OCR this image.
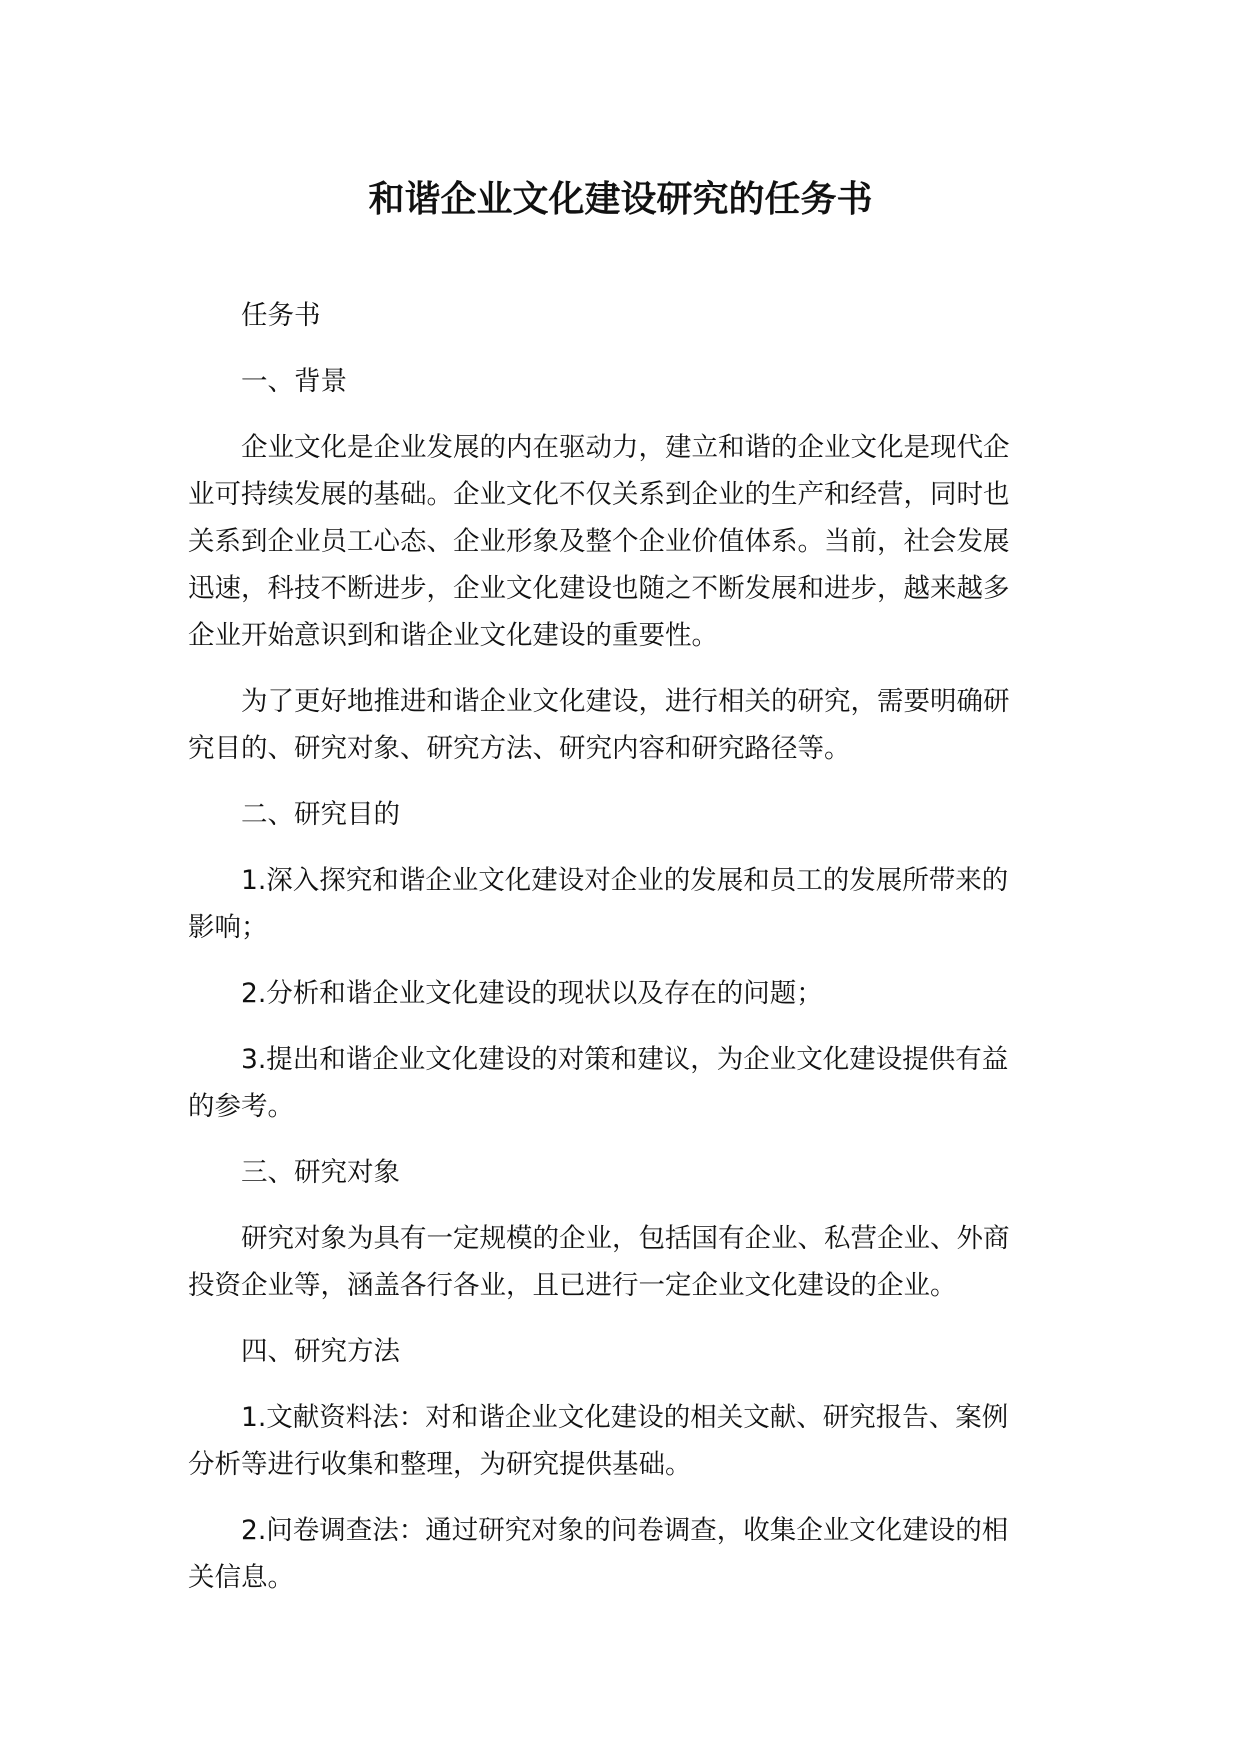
和谐企业文化建设研究的任务书

任务书

一、背景

企业文化是企业发展的内在驱动力，建立和谐的企业文化是现代企业可持续发展的基础。企业文化不仅关系到企业的生产和经营，同时也关系到企业员工心态、企业形象及整个企业价值体系。当前，社会发展迅速，科技不断进步，企业文化建设也随之不断发展和进步，越来越多企业开始意识到和谐企业文化建设的重要性。

为了更好地推进和谐企业文化建设，进行相关的研究，需要明确研究目的、研究对象、研究方法、研究内容和研究路径等。

二、研究目的

1.深入探究和谐企业文化建设对企业的发展和员工的发展所带来的影响；

2.分析和谐企业文化建设的现状以及存在的问题；

3.提出和谐企业文化建设的对策和建议，为企业文化建设提供有益的参考。

三、研究对象

研究对象为具有一定规模的企业，包括国有企业、私营企业、外商投资企业等，涵盖各行各业，且已进行一定企业文化建设的企业。

四、研究方法

1.文献资料法：对和谐企业文化建设的相关文献、研究报告、案例分析等进行收集和整理，为研究提供基础。

2.问卷调查法：通过研究对象的问卷调查，收集企业文化建设的相关信息。
